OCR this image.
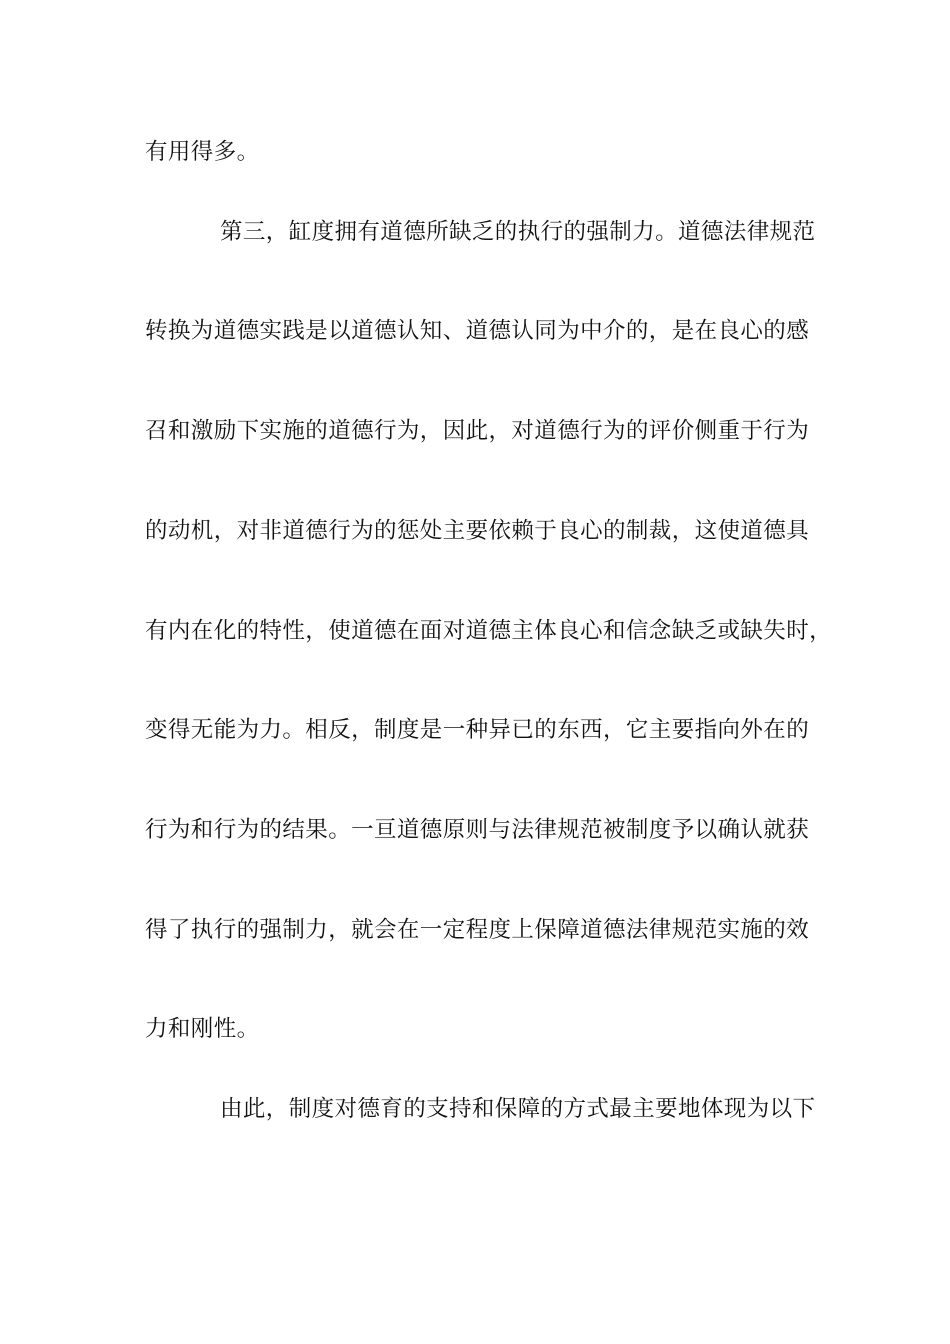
有用得多。
第三，缸度拥有道德所缺乏的执行的强制力。道德法律规范
转换为道德实践是以道德认知、道德认同为中介的，是在良心的感
召和激励下实施的道德行为，因此，对道德行为的评价侧重于行为
的动机，对非道德行为的惩处主要依赖于良心的制裁，这使道德具
有内在化的特性，使道德在面对道德主体良心和信念缺乏或缺失时，
变得无能为力。相反，制度是一种异已的东西，它主要指向外在的
行为和行为的结果。一亘道德原则与法律规范被制度予以确认就获
得了执行的强制力，就会在一定程度上保障道德法律规范实施的效
力和刚性。
由此，制度对德育的支持和保障的方式最主要地体现为以下
